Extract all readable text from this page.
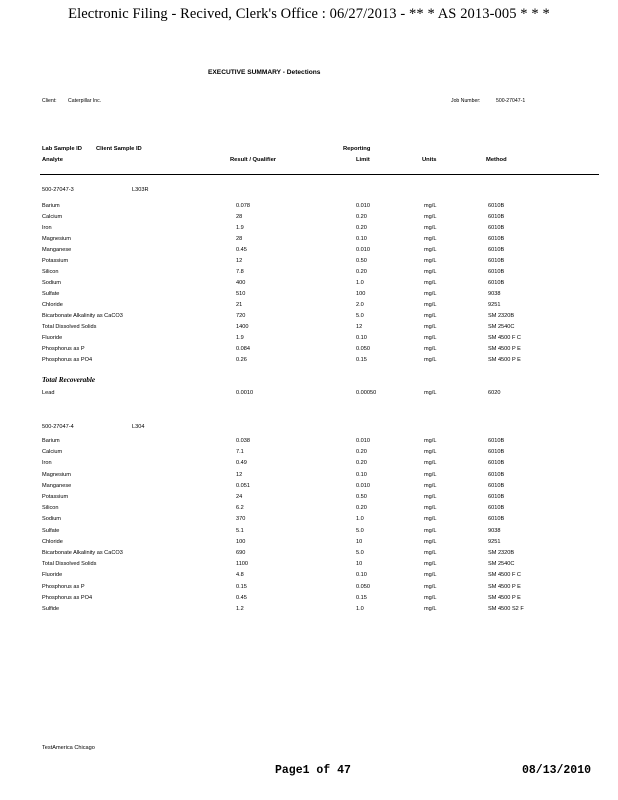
Electronic Filing - Recived, Clerk's Office : 06/27/2013 - ** * AS 2013-005 * * *
EXECUTIVE SUMMARY - Detections
Client: Caterpillar Inc.	Job Number:	500-27047-1
Lab Sample ID Client Sample ID
Analyte	Result / Qualifier
Reporting
Limit	Units	Method
500-27047-3	L303R
Barium	0.078	0.010	mg/L	6010B
Calcium	28	0.20	mg/L	6010B
Iron	1.9	0.20	mg/L	6010B
Magnesium	28	0.10	mg/L	6010B
Manganese	0.45	0.010	mg/L	6010B
Potassium	12	0.50	mg/L	6010B
Silicon	7.8	0.20	mg/L	6010B
Sodium	400	1.0	mg/L	6010B
Sulfate	510	100	mg/L	9038
Chloride	21	2.0	mg/L	9251
Bicarbonate Alkalinity as CaCO3	720	5.0	mg/L	SM 2320B
Total Dissolved Solids	1400	12	mg/L	SM 2540C
Fluoride	1.9	0.10	mg/L	SM 4500 F C
Phosphorus as P	0.084	0.050	mg/L	SM 4500 P E
Phosphorus as PO4	0.26	0.15	mg/L	SM 4500 P E
Total Recoverable
Lead	0.0010	0.00050	mg/L	6020
500-27047-4	L304
Barium	0.038	0.010	mg/L	6010B
Calcium	7.1	0.20	mg/L	6010B
Iron	0.49	0.20	mg/L	6010B
Magnesium	12	0.10	mg/L	6010B
Manganese	0.051	0.010	mg/L	6010B
Potassium	24	0.50	mg/L	6010B
Silicon	6.2	0.20	mg/L	6010B
Sodium	370	1.0	mg/L	6010B
Sulfate	5.1	5.0	mg/L	9038
Chloride	100	10	mg/L	9251
Bicarbonate Alkalinity as CaCO3	690	5.0	mg/L	SM 2320B
Total Dissolved Solids	1100	10	mg/L	SM 2540C
Fluoride	4.8	0.10	mg/L	SM 4500 F C
Phosphorus as P	0.15	0.050	mg/L	SM 4500 P E
Phosphorus as PO4	0.45	0.15	mg/L	SM 4500 P E
Sulfide	1.2	1.0	mg/L	SM 4500 S2 F
TestAmerica Chicago
Page1 of 47	08/13/2010
